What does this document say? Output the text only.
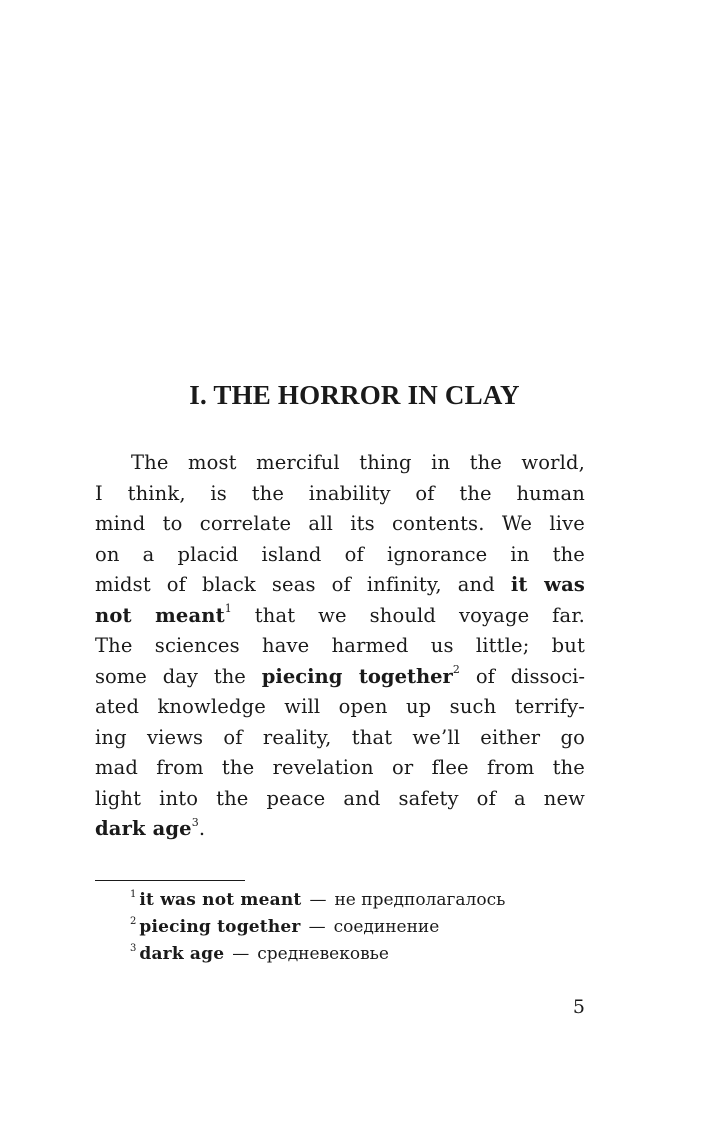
I. THE HORROR IN CLAY
The most merciful thing in the world,
I think, is the inability of the human
mind to correlate all its contents. We live
on a placid island of ignorance in the
midst of black seas of infinity, and it was
not meant$^1$ that we should voyage far.
The sciences have harmed us little; but
some day the piecing together$^2$ of dissoci-
ated knowledge will open up such terrify-
ing views of reality, that we’ll either go
mad from the revelation or flee from the
light into the peace and safety of a new
dark age$^3$.
$^1$ it was not meant — не предполагалось
$^2$ piecing together — соединение
$^3$ dark age — средневековье
5
